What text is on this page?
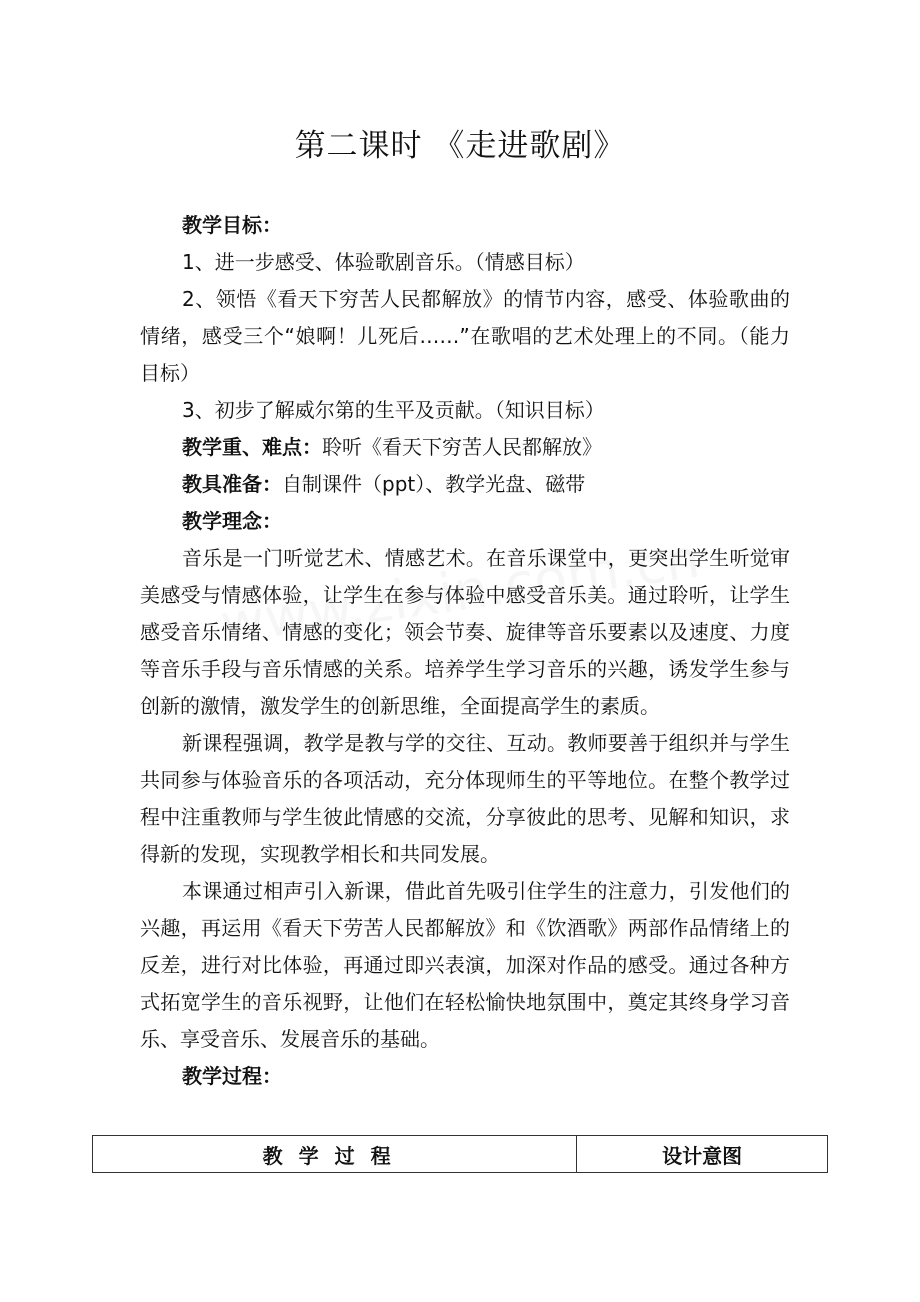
第二课时 《走进歌剧》

教学目标：

1、进一步感受、体验歌剧音乐。（情感目标）

2、领悟《看天下穷苦人民都解放》的情节内容，感受、体验歌曲的情绪，感受三个“娘啊！儿死后……”在歌唱的艺术处理上的不同。（能力目标）

3、初步了解威尔第的生平及贡献。（知识目标）

教学重、难点：聆听《看天下穷苦人民都解放》

教具准备：自制课件（ppt）、教学光盘、磁带

教学理念：

音乐是一门听觉艺术、情感艺术。在音乐课堂中，更突出学生听觉审美感受与情感体验，让学生在参与体验中感受音乐美。通过聆听，让学生感受音乐情绪、情感的变化；领会节奏、旋律等音乐要素以及速度、力度等音乐手段与音乐情感的关系。培养学生学习音乐的兴趣，诱发学生参与创新的激情，激发学生的创新思维，全面提高学生的素质。

新课程强调，教学是教与学的交往、互动。教师要善于组织并与学生共同参与体验音乐的各项活动，充分体现师生的平等地位。在整个教学过程中注重教师与学生彼此情感的交流，分享彼此的思考、见解和知识，求得新的发现，实现教学相长和共同发展。

本课通过相声引入新课，借此首先吸引住学生的注意力，引发他们的兴趣，再运用《看天下劳苦人民都解放》和《饮酒歌》两部作品情绪上的反差，进行对比体验，再通过即兴表演，加深对作品的感受。通过各种方式拓宽学生的音乐视野，让他们在轻松愉快地氛围中，奠定其终身学习音乐、享受音乐、发展音乐的基础。

教学过程：

教学过程	设计意图
